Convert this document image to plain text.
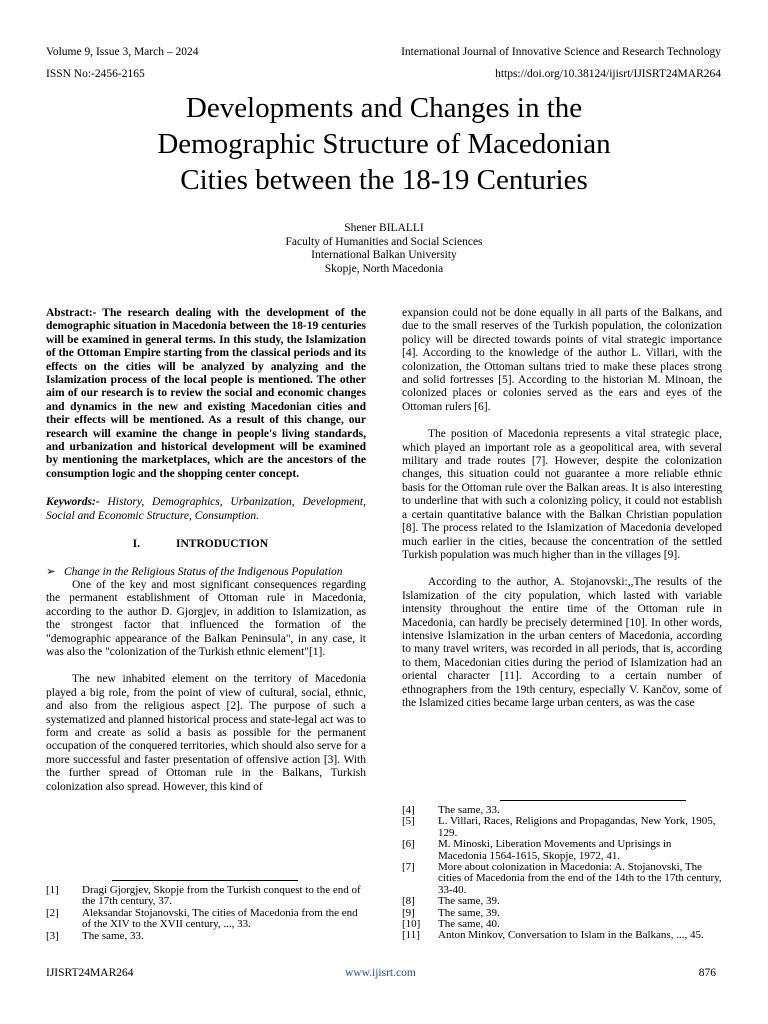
Volume 9, Issue 3, March – 2024	International Journal of Innovative Science and Research Technology
ISSN No:-2456-2165	https://doi.org/10.38124/ijisrt/IJISRT24MAR264
Developments and Changes in the
Demographic Structure of Macedonian
Cities between the 18-19 Centuries
Shener BILALLI
Faculty of Humanities and Social Sciences
International Balkan University
Skopje, North Macedonia

Abstract:- The research dealing with the development of the demographic situation in Macedonia between the 18-19 centuries will be examined in general terms. In this study, the Islamization of the Ottoman Empire starting from the classical periods and its effects on the cities will be analyzed by analyzing and the Islamization process of the local people is mentioned. The other aim of our research is to review the social and economic changes and dynamics in the new and existing Macedonian cities and their effects will be mentioned. As a result of this change, our research will examine the change in people's living standards, and urbanization and historical development will be examined by mentioning the marketplaces, which are the ancestors of the consumption logic and the shopping center concept.

Keywords:- History, Demographics, Urbanization, Development, Social and Economic Structure, Consumption.

I.	INTRODUCTION
➢ Change in the Religious Status of the Indigenous Population

One of the key and most significant consequences regarding the permanent establishment of Ottoman rule in Macedonia, according to the author D. Gjorgjev, in addition to Islamization, as the strongest factor that influenced the formation of the "demographic appearance of the Balkan Peninsula", in any case, it was also the "colonization of the Turkish ethnic element"[1].

The new inhabited element on the territory of Macedonia played a big role, from the point of view of cultural, social, ethnic, and also from the religious aspect [2]. The purpose of such a systematized and planned historical process and state-legal act was to form and create as solid a basis as possible for the permanent occupation of the conquered territories, which should also serve for a more successful and faster presentation of offensive action [3]. With the further spread of Ottoman rule in the Balkans, Turkish colonization also spread. However, this kind of

[1]	Dragi Gjorgjev, Skopje from the Turkish conquest to the end of the 17th century, 37.
[2]	Aleksandar Stojanovski, The cities of Macedonia from the end of the XIV to the XVII century, ..., 33.
[3]	The same, 33.

expansion could not be done equally in all parts of the Balkans, and due to the small reserves of the Turkish population, the colonization policy will be directed towards points of vital strategic importance [4]. According to the knowledge of the author L. Villari, with the colonization, the Ottoman sultans tried to make these places strong and solid fortresses [5]. According to the historian M. Minoan, the colonized places or colonies served as the ears and eyes of the Ottoman rulers [6].

The position of Macedonia represents a vital strategic place, which played an important role as a geopolitical area, with several military and trade routes [7]. However, despite the colonization changes, this situation could not guarantee a more reliable ethnic basis for the Ottoman rule over the Balkan areas. It is also interesting to underline that with such a colonizing policy, it could not establish a certain quantitative balance with the Balkan Christian population [8]. The process related to the Islamization of Macedonia developed much earlier in the cities, because the concentration of the settled Turkish population was much higher than in the villages [9].

According to the author, A. Stojanovski:,,The results of the Islamization of the city population, which lasted with variable intensity throughout the entire time of the Ottoman rule in Macedonia, can hardly be precisely determined [10]. In other words, intensive Islamization in the urban centers of Macedonia, according to many travel writers, was recorded in all periods, that is, according to them, Macedonian cities during the period of Islamization had an oriental character [11]. According to a certain number of ethnographers from the 19th century, especially V. Kančov, some of the Islamized cities became large urban centers, as was the case

[4]	The same, 33.
[5]	L. Villari, Races, Religions and Propagandas, New York, 1905, 129.
[6]	M. Minoski, Liberation Movements and Uprisings in Macedonia 1564-1615, Skopje, 1972, 41.
[7]	More about colonization in Macedonia: A. Stojanovski, The cities of Macedonia from the end of the 14th to the 17th century, 33-40.
[8]	The same, 39.
[9]	The same, 39.
[10]	The same, 40.
[11]	Anton Minkov, Conversation to Islam in the Balkans, ..., 45.
IJISRT24MAR264	www.ijisrt.com	876
